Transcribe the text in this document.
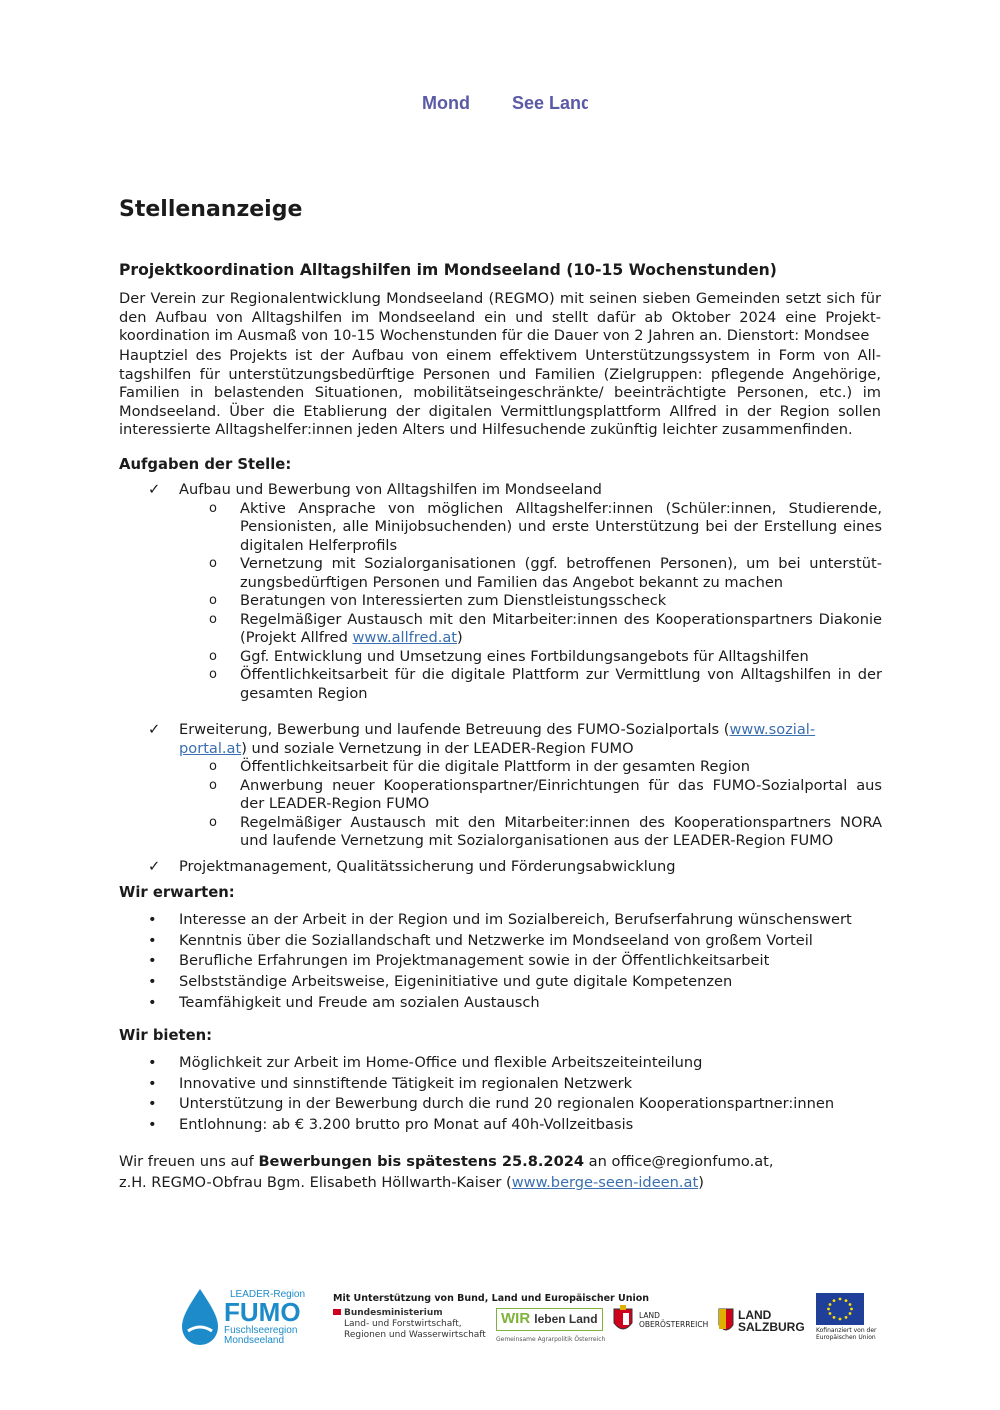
Mond See Land
Stellenanzeige
Projektkoordination Alltagshilfen im Mondseeland (10-15 Wochenstunden)
Der Verein zur Regionalentwicklung Mondseeland (REGMO) mit seinen sieben Gemeinden setzt sich für den Aufbau von Alltagshilfen im Mondseeland ein und stellt dafür ab Oktober 2024 eine Projektkoordination im Ausmaß von 10-15 Wochenstunden für die Dauer von 2 Jahren an. Dienstort: Mondsee
Hauptziel des Projekts ist der Aufbau von einem effektivem Unterstützungssystem in Form von Alltagshilfen für unterstützungsbedürftige Personen und Familien (Zielgruppen: pflegende Angehörige, Familien in belastenden Situationen, mobilitätseingeschränkte/ beeinträchtigte Personen, etc.) im Mondseeland. Über die Etablierung der digitalen Vermittlungsplattform Allfred in der Region sollen interessierte Alltagshelfer:innen jeden Alters und Hilfesuchende zukünftig leichter zusammenfinden.
Aufgaben der Stelle:
✓ Aufbau und Bewerbung von Alltagshilfen im Mondseeland
o Aktive Ansprache von möglichen Alltagshelfer:innen (Schüler:innen, Studierende, Pensionisten, alle Minijobsuchenden) und erste Unterstützung bei der Erstellung eines digitalen Helferprofils
o Vernetzung mit Sozialorganisationen (ggf. betroffenen Personen), um bei unterstützungsbedürftigen Personen und Familien das Angebot bekannt zu machen
o Beratungen von Interessierten zum Dienstleistungsscheck
o Regelmäßiger Austausch mit den Mitarbeiter:innen des Kooperationspartners Diakonie (Projekt Allfred www.allfred.at)
o Ggf. Entwicklung und Umsetzung eines Fortbildungsangebots für Alltagshilfen
o Öffentlichkeitsarbeit für die digitale Plattform zur Vermittlung von Alltagshilfen in der gesamten Region
✓ Erweiterung, Bewerbung und laufende Betreuung des FUMO-Sozialportals (www.sozial-portal.at) und soziale Vernetzung in der LEADER-Region FUMO
o Öffentlichkeitsarbeit für die digitale Plattform in der gesamten Region
o Anwerbung neuer Kooperationspartner/Einrichtungen für das FUMO-Sozialportal aus der LEADER-Region FUMO
o Regelmäßiger Austausch mit den Mitarbeiter:innen des Kooperationspartners NORA und laufende Vernetzung mit Sozialorganisationen aus der LEADER-Region FUMO
✓ Projektmanagement, Qualitätssicherung und Förderungsabwicklung
Wir erwarten:
• Interesse an der Arbeit in der Region und im Sozialbereich, Berufserfahrung wünschenswert
• Kenntnis über die Soziallandschaft und Netzwerke im Mondseeland von großem Vorteil
• Berufliche Erfahrungen im Projektmanagement sowie in der Öffentlichkeitsarbeit
• Selbstständige Arbeitsweise, Eigeninitiative und gute digitale Kompetenzen
• Teamfähigkeit und Freude am sozialen Austausch
Wir bieten:
• Möglichkeit zur Arbeit im Home-Office und flexible Arbeitszeiteinteilung
• Innovative und sinnstiftende Tätigkeit im regionalen Netzwerk
• Unterstützung in der Bewerbung durch die rund 20 regionalen Kooperationspartner:innen
• Entlohnung: ab € 3.200 brutto pro Monat auf 40h-Vollzeitbasis
Wir freuen uns auf Bewerbungen bis spätestens 25.8.2024 an office@regionfumo.at,
z.H. REGMO-Obfrau Bgm. Elisabeth Höllwarth-Kaiser (www.berge-seen-ideen.at)
LEADER-Region
FUMO
Fuschlseeregion
Mondseeland
Mit Unterstützung von Bund, Land und Europäischer Union
Bundesministerium
Land- und Forstwirtschaft,
Regionen und Wasserwirtschaft
WIR leben Land
Gemeinsame Agrarpolitik Österreich
LAND
OBERÖSTERREICH
LAND
SALZBURG Kofinanziert von der
Europäischen Union
